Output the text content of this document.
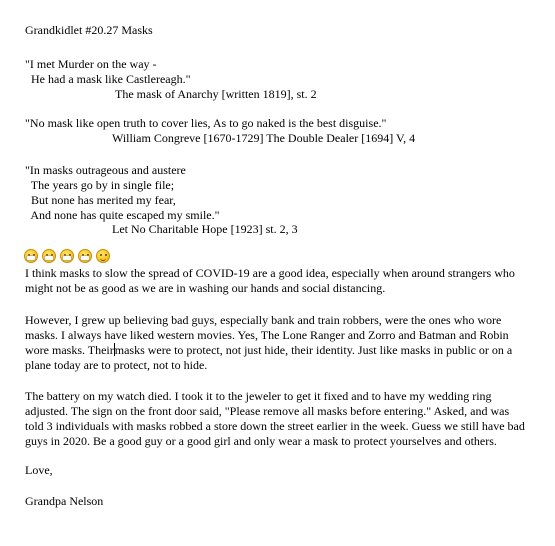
Grandkidlet #20.27 Masks
"I met Murder on the way -
He had a mask like Castlereagh."
The mask of Anarchy [written 1819], st. 2
"No mask like open truth to cover lies, As to go naked is the best disguise."
William Congreve [1670-1729] The Double Dealer [1694] V, 4
"In masks outrageous and austere
The years go by in single file;
But none has merited my fear,
And none has quite escaped my smile."
Let No Charitable Hope [1923] st. 2, 3
I think masks to slow the spread of COVID-19 are a good idea, especially when around strangers who might not be as good as we are in washing our hands and social distancing.
However, I grew up believing bad guys, especially bank and train robbers, were the ones who wore masks. I always have liked western movies. Yes, The Lone Ranger and Zorro and Batman and Robin wore masks. Theirmasks were to protect, not just hide, their identity. Just like masks in public or on a plane today are to protect, not to hide.
The battery on my watch died. I took it to the jeweler to get it fixed and to have my wedding ring adjusted. The sign on the front door said, "Please remove all masks before entering." Asked, and was told 3 individuals with masks robbed a store down the street earlier in the week. Guess we still have bad guys in 2020. Be a good guy or a good girl and only wear a mask to protect yourselves and others.
Love,
Grandpa Nelson
